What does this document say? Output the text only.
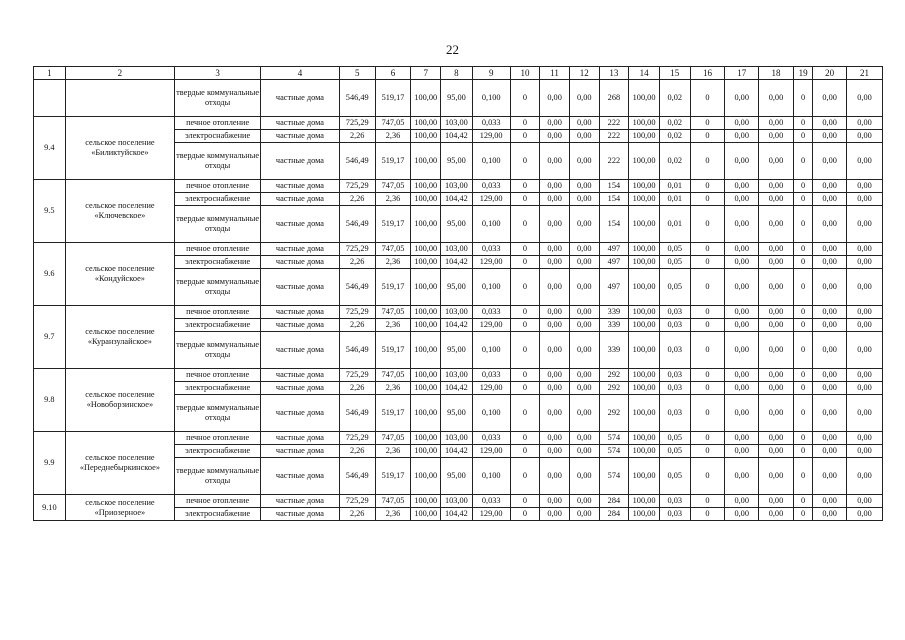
22
1	2	3	4	5	6	7	8	9	10	11	12	13	14	15	16	17	18	19	20	21
		твердые коммунальные отходы	частные дома	546,49	519,17	100,00	95,00	0,100	0	0,00	0,00	268	100,00	0,02	0	0,00	0,00	0	0,00	0,00
9.4	сельское поселение «Биликтуйское»	печное отопление	частные дома	725,29	747,05	100,00	103,00	0,033	0	0,00	0,00	222	100,00	0,02	0	0,00	0,00	0	0,00	0,00
		электроснабжение	частные дома	2,26	2,36	100,00	104,42	129,00	0	0,00	0,00	222	100,00	0,02	0	0,00	0,00	0	0,00	0,00
		твердые коммунальные отходы	частные дома	546,49	519,17	100,00	95,00	0,100	0	0,00	0,00	222	100,00	0,02	0	0,00	0,00	0	0,00	0,00
9.5	сельское поселение «Ключевское»	печное отопление	частные дома	725,29	747,05	100,00	103,00	0,033	0	0,00	0,00	154	100,00	0,01	0	0,00	0,00	0	0,00	0,00
		электроснабжение	частные дома	2,26	2,36	100,00	104,42	129,00	0	0,00	0,00	154	100,00	0,01	0	0,00	0,00	0	0,00	0,00
		твердые коммунальные отходы	частные дома	546,49	519,17	100,00	95,00	0,100	0	0,00	0,00	154	100,00	0,01	0	0,00	0,00	0	0,00	0,00
9.6	сельское поселение «Кондуйское»	печное отопление	частные дома	725,29	747,05	100,00	103,00	0,033	0	0,00	0,00	497	100,00	0,05	0	0,00	0,00	0	0,00	0,00
		электроснабжение	частные дома	2,26	2,36	100,00	104,42	129,00	0	0,00	0,00	497	100,00	0,05	0	0,00	0,00	0	0,00	0,00
		твердые коммунальные отходы	частные дома	546,49	519,17	100,00	95,00	0,100	0	0,00	0,00	497	100,00	0,05	0	0,00	0,00	0	0,00	0,00
9.7	сельское поселение «Куранзулайское»	печное отопление	частные дома	725,29	747,05	100,00	103,00	0,033	0	0,00	0,00	339	100,00	0,03	0	0,00	0,00	0	0,00	0,00
		электроснабжение	частные дома	2,26	2,36	100,00	104,42	129,00	0	0,00	0,00	339	100,00	0,03	0	0,00	0,00	0	0,00	0,00
		твердые коммунальные отходы	частные дома	546,49	519,17	100,00	95,00	0,100	0	0,00	0,00	339	100,00	0,03	0	0,00	0,00	0	0,00	0,00
9.8	сельское поселение «Новоборзинское»	печное отопление	частные дома	725,29	747,05	100,00	103,00	0,033	0	0,00	0,00	292	100,00	0,03	0	0,00	0,00	0	0,00	0,00
		электроснабжение	частные дома	2,26	2,36	100,00	104,42	129,00	0	0,00	0,00	292	100,00	0,03	0	0,00	0,00	0	0,00	0,00
		твердые коммунальные отходы	частные дома	546,49	519,17	100,00	95,00	0,100	0	0,00	0,00	292	100,00	0,03	0	0,00	0,00	0	0,00	0,00
9.9	сельское поселение «Переднебыркинское»	печное отопление	частные дома	725,29	747,05	100,00	103,00	0,033	0	0,00	0,00	574	100,00	0,05	0	0,00	0,00	0	0,00	0,00
		электроснабжение	частные дома	2,26	2,36	100,00	104,42	129,00	0	0,00	0,00	574	100,00	0,05	0	0,00	0,00	0	0,00	0,00
		твердые коммунальные отходы	частные дома	546,49	519,17	100,00	95,00	0,100	0	0,00	0,00	574	100,00	0,05	0	0,00	0,00	0	0,00	0,00
9.10	сельское поселение «Приозерное»	печное отопление	частные дома	725,29	747,05	100,00	103,00	0,033	0	0,00	0,00	284	100,00	0,03	0	0,00	0,00	0	0,00	0,00
		электроснабжение	частные дома	2,26	2,36	100,00	104,42	129,00	0	0,00	0,00	284	100,00	0,03	0	0,00	0,00	0	0,00	0,00
